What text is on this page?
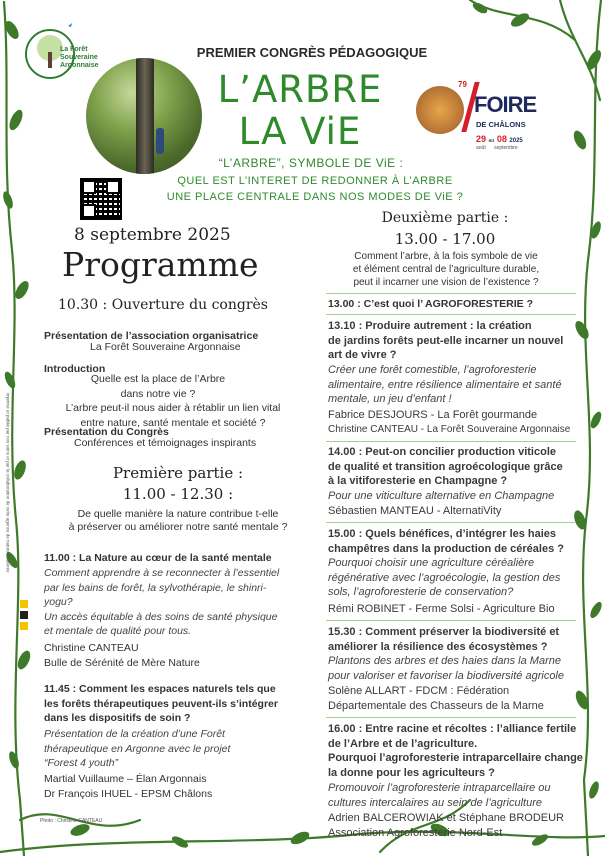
La Forêt
Souveraine
Argonnaise
PREMIER CONGRÈS PÉDAGOGIQUE
L’ARBRE
LA ViE
79
FOIRE
DE CHÂLONS
29 au 08 2025
août septembre
“L’ARBRE”, SYMBOLE DE ViE :
QUEL EST L’INTERET DE REDONNER À L’ARBRE
UNE PLACE CENTRALE DANS NOS MODES DE ViE ?
8 septembre 2025
Programme
10.30 : Ouverture du congrès
Présentation de l’association organisatrice
La Forêt Souveraine Argonnaise
Introduction
Quelle est la place de l’Arbre
dans notre vie ?
L’arbre peut-il nous aider à rétablir un lien vital
entre nature, santé mentale et société ?
Présentation du Congrès
Conférences et témoignages inspirants
Première partie :
11.00 - 12.30 :
De quelle manière la nature contribue t-elle
à préserver ou améliorer notre santé mentale ?
11.00 : La Nature au cœur de la santé mentale
Comment apprendre à se reconnecter à l’essentiel
par les bains de forêt, la sylvothérapie, le shinri-
yogu?
Un accès équitable à des soins de santé physique
et mentale de qualité pour tous.
Christine CANTEAU
Bulle de Sérénité de Mère Nature
11.45 : Comment les espaces naturels tels que
les forêts thérapeutiques peuvent-ils s’intégrer
dans les dispositifs de soin ?
Présentation de la création d’une Forêt
thérapeutique en Argonne avec le projet
“Forest 4 youth”
Martial Vuillaume – Élan Argonnais
Dr François IHUEL - EPSM Châlons
Imprimé et publié par nos soins et par la collaboration de cette agence de nature délibérée
Photo : Christine CANTEAU
Deuxième partie :
13.00 - 17.00
Comment l’arbre, à la fois symbole de vie
et élément central de l’agriculture durable,
peut il incarner une vision de l’existence ?
13.00 : C’est quoi l’ AGROFORESTERIE ?
13.10 : Produire autrement : la création
de jardins forêts peut-elle incarner un nouvel
art de vivre ?
Créer une forêt comestible, l’agroforesterie
alimentaire, entre résilience alimentaire et santé
mentale, un jeu d’enfant !
Fabrice DESJOURS - La Forêt gourmande
Christine CANTEAU - La Forêt Souveraine Argonnaise
14.00 : Peut-on concilier production viticole
de qualité et transition agroécologique grâce
à la vitiforesterie en Champagne ?
Pour une viticulture alternative en Champagne
Sébastien MANTEAU - AlternatiVity
15.00 : Quels bénéfices, d’intégrer les haies
champêtres dans la production de céréales ?
Pourquoi choisir une agriculture céréalière
régénérative avec l’agroécologie, la gestion des
sols, l’agroforesterie de conservation?
Rémi ROBINET - Ferme Solsi - Agriculture Bio
15.30 : Comment préserver la biodiversité et
améliorer la résilience des écosystèmes ?
Plantons des arbres et des haies dans la Marne
pour valoriser et favoriser la biodiversité agricole
Solène ALLART - FDCM : Fédération
Départementale des Chasseurs de la Marne
16.00 : Entre racine et récoltes : l’alliance fertile
de l’Arbre et de l’agriculture.
Pourquoi l’agroforesterie intraparcellaire change
la donne pour les agriculteurs ?
Promouvoir l’agroforesterie intraparcellaire ou
cultures intercalaires au sein de l’agriculture
Adrien BALCEROWIAK et Stéphane BRODEUR
Association Agroforesterie Nord-Est
